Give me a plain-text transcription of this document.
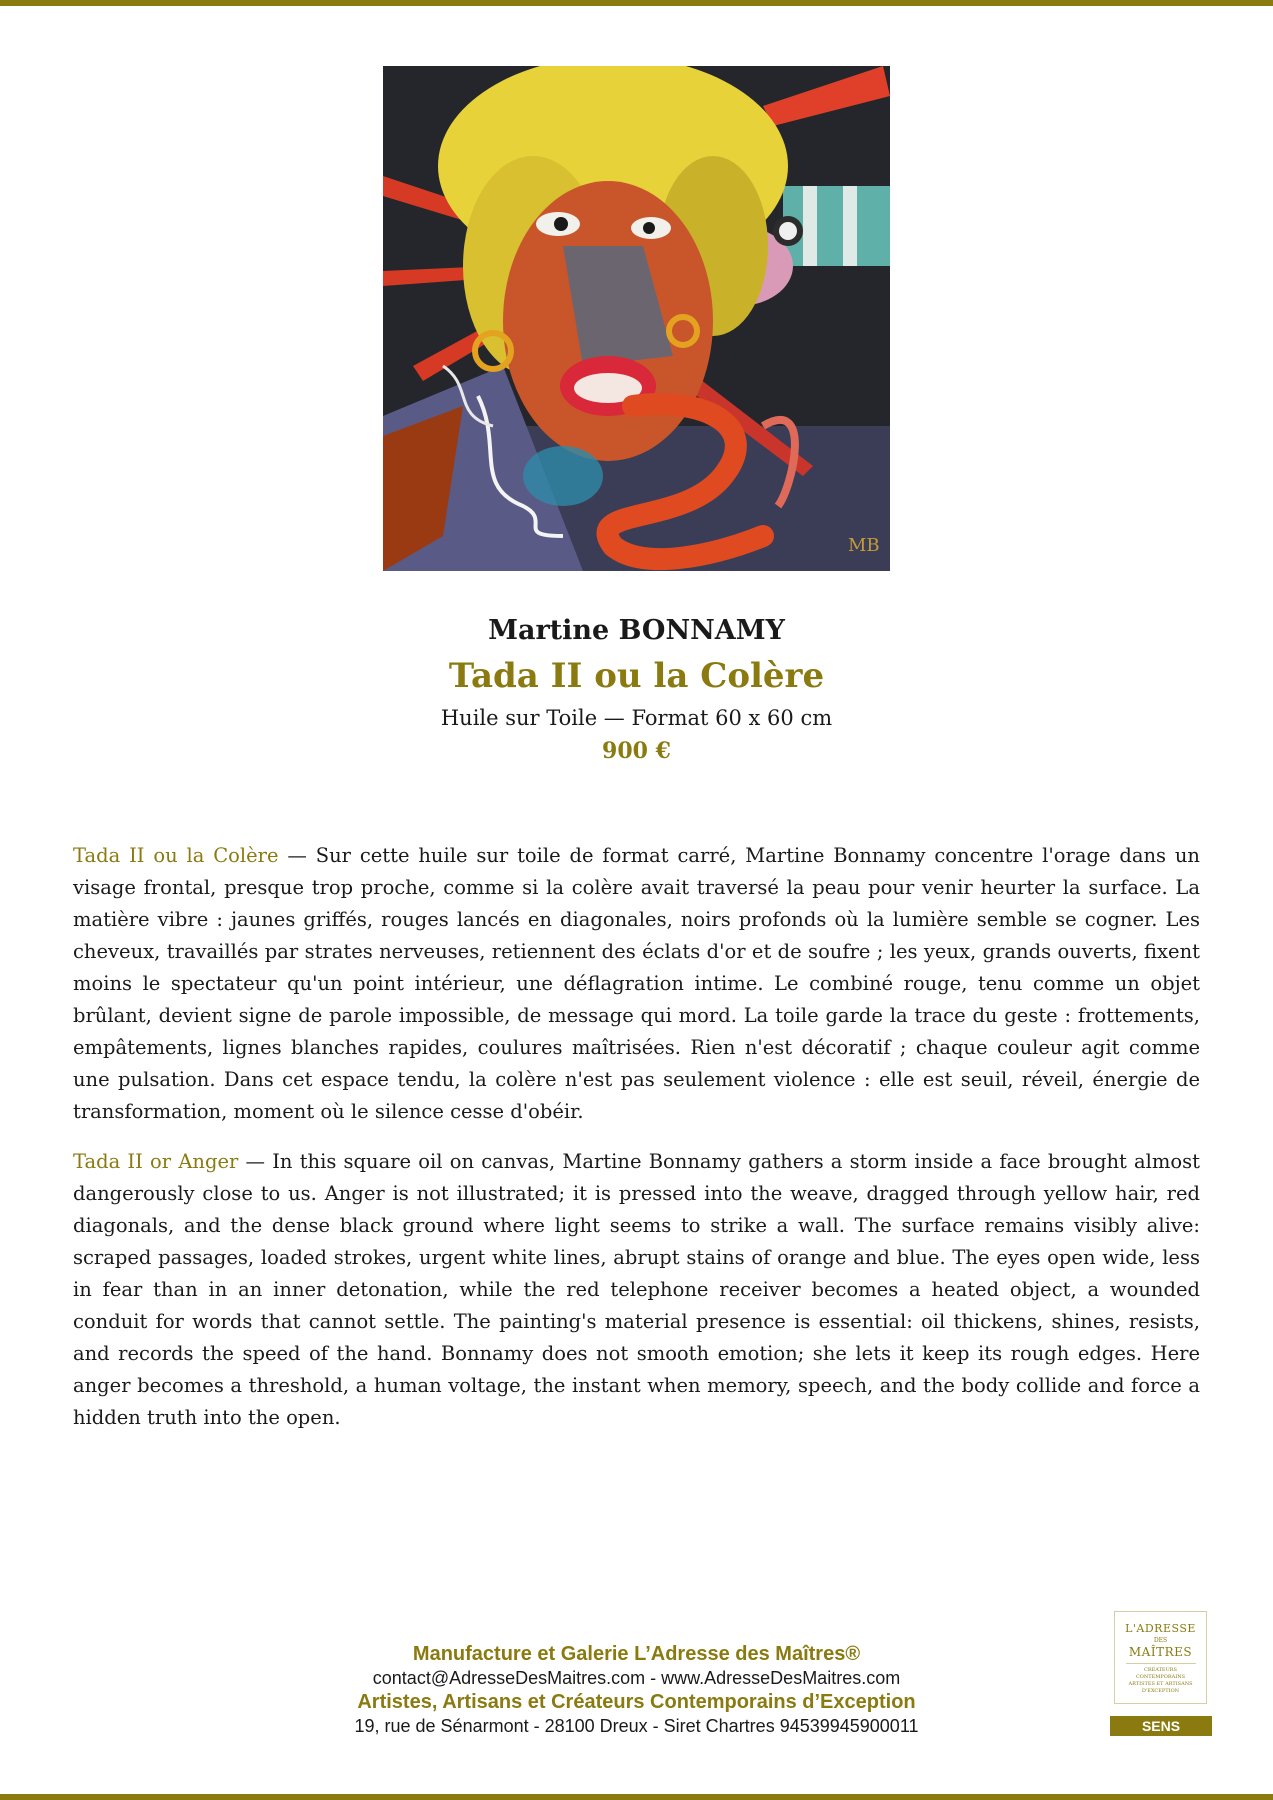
MB
Martine BONNAMY
Tada II ou la Colère
Huile sur Toile — Format 60 x 60 cm
900 €

Tada II ou la Colère — Sur cette huile sur toile de format carré, Martine Bonnamy concentre l'orage dans un visage frontal, presque trop proche, comme si la colère avait traversé la peau pour venir heurter la surface. La matière vibre : jaunes griffés, rouges lancés en diagonales, noirs profonds où la lumière semble se cogner. Les cheveux, travaillés par strates nerveuses, retiennent des éclats d'or et de soufre ; les yeux, grands ouverts, fixent moins le spectateur qu'un point intérieur, une déflagration intime. Le combiné rouge, tenu comme un objet brûlant, devient signe de parole impossible, de message qui mord. La toile garde la trace du geste : frottements, empâtements, lignes blanches rapides, coulures maîtrisées. Rien n'est décoratif ; chaque couleur agit comme une pulsation. Dans cet espace tendu, la colère n'est pas seulement violence : elle est seuil, réveil, énergie de transformation, moment où le silence cesse d'obéir.

Tada II or Anger — In this square oil on canvas, Martine Bonnamy gathers a storm inside a face brought almost dangerously close to us. Anger is not illustrated; it is pressed into the weave, dragged through yellow hair, red diagonals, and the dense black ground where light seems to strike a wall. The surface remains visibly alive: scraped passages, loaded strokes, urgent white lines, abrupt stains of orange and blue. The eyes open wide, less in fear than in an inner detonation, while the red telephone receiver becomes a heated object, a wounded conduit for words that cannot settle. The painting's material presence is essential: oil thickens, shines, resists, and records the speed of the hand. Bonnamy does not smooth emotion; she lets it keep its rough edges. Here anger becomes a threshold, a human voltage, the instant when memory, speech, and the body collide and force a hidden truth into the open.

Manufacture et Galerie L’Adresse des Maîtres®
contact@AdresseDesMaitres.com - www.AdresseDesMaitres.com
Artistes, Artisans et Créateurs Contemporains d’Exception
19, rue de Sénarmont - 28100 Dreux - Siret Chartres 94539945900011
L'ADRESSE
DES
MAÎTRES
CRÉATEURS CONTEMPORAINS ARTISTES ET ARTISANS D'EXCEPTION
SENS
